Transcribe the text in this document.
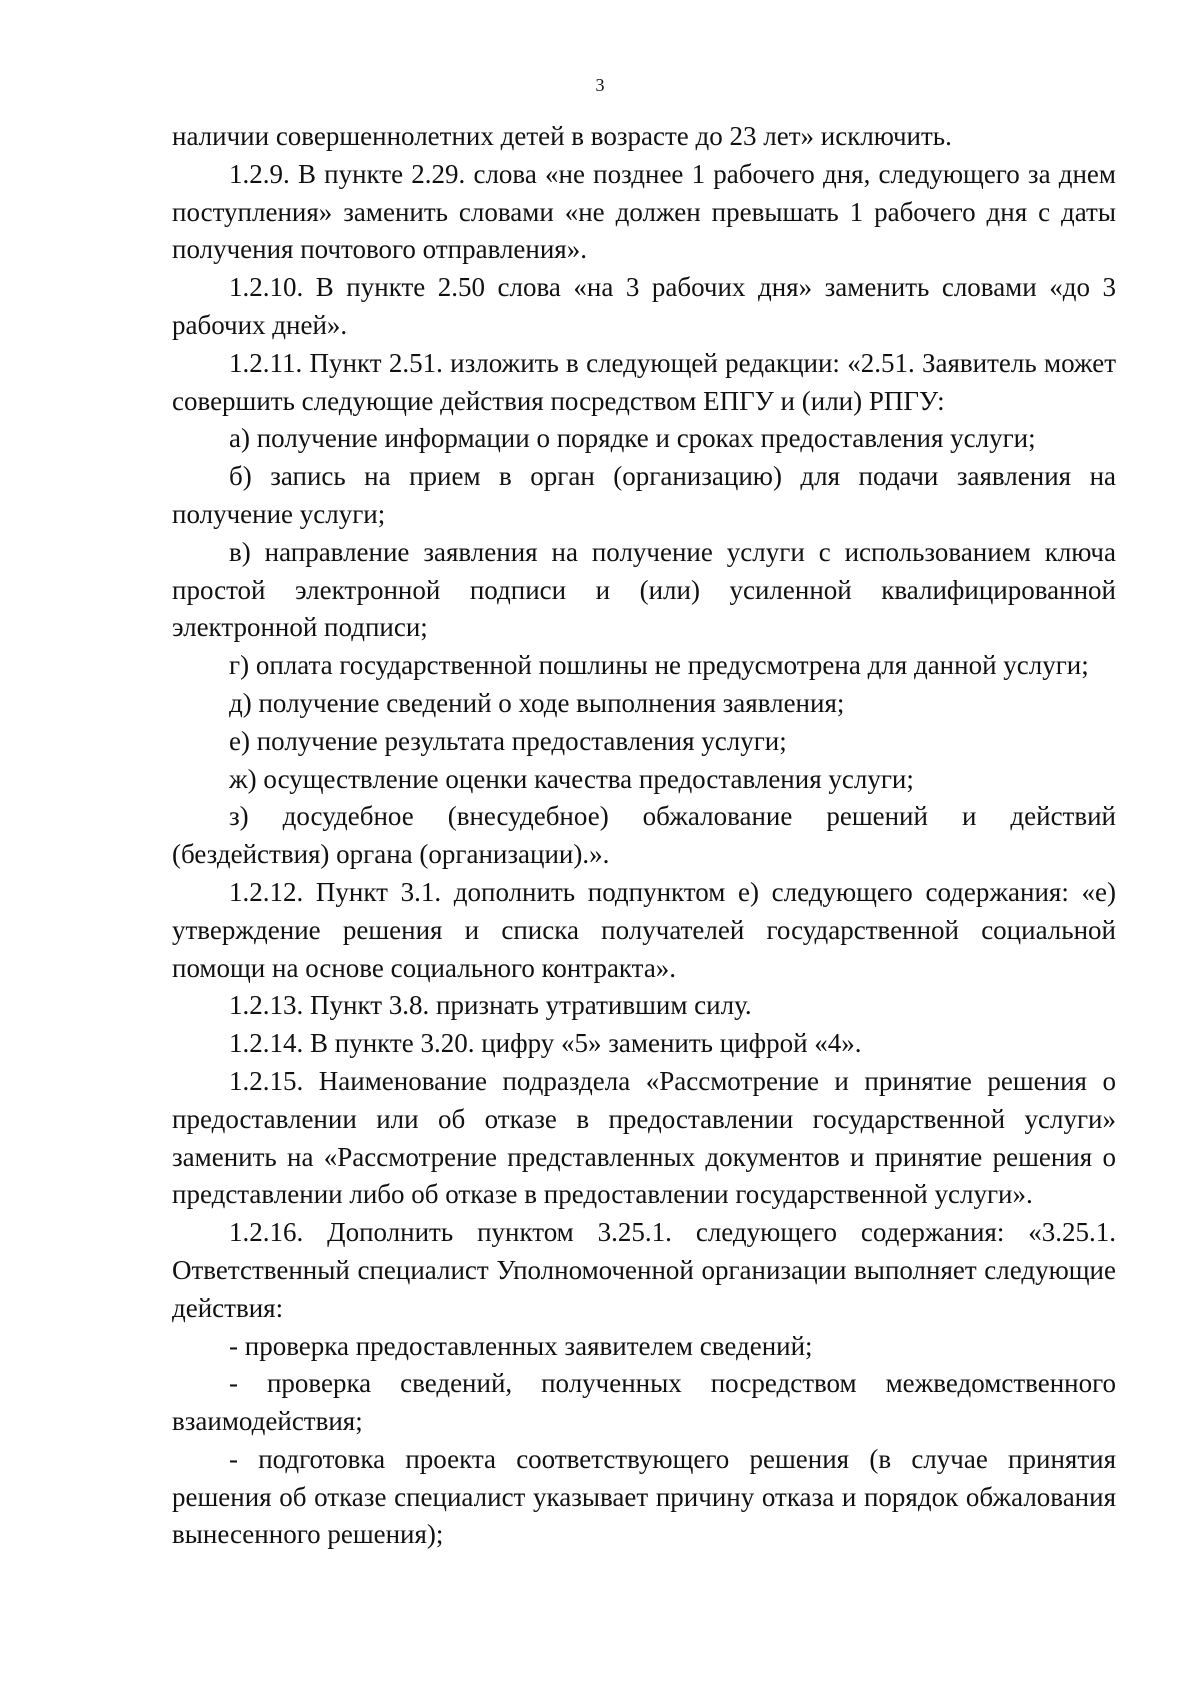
3

наличии совершеннолетних детей в возрасте до 23 лет» исключить.

1.2.9. В пункте 2.29. слова «не позднее 1 рабочего дня, следующего за днем поступления» заменить словами «не должен превышать 1 рабочего дня с даты получения почтового отправления».

1.2.10. В пункте 2.50 слова «на 3 рабочих дня» заменить словами «до 3 рабочих дней».

1.2.11. Пункт 2.51. изложить в следующей редакции: «2.51. Заявитель может совершить следующие действия посредством ЕПГУ и (или) РПГУ:

а) получение информации о порядке и сроках предоставления услуги;

б) запись на прием в орган (организацию) для подачи заявления на получение услуги;

в) направление заявления на получение услуги с использованием ключа простой электронной подписи и (или) усиленной квалифицированной электронной подписи;

г) оплата государственной пошлины не предусмотрена для данной услуги;

д) получение сведений о ходе выполнения заявления;

е) получение результата предоставления услуги;

ж) осуществление оценки качества предоставления услуги;

з) досудебное (внесудебное) обжалование решений и действий (бездействия) органа (организации).».

1.2.12. Пункт 3.1. дополнить подпунктом е) следующего содержания: «е) утверждение решения и списка получателей государственной социальной помощи на основе социального контракта».

1.2.13. Пункт 3.8. признать утратившим силу.

1.2.14. В пункте 3.20. цифру «5» заменить цифрой «4».

1.2.15. Наименование подраздела «Рассмотрение и принятие решения о предоставлении или об отказе в предоставлении государственной услуги» заменить на «Рассмотрение представленных документов и принятие решения о представлении либо об отказе в предоставлении государственной услуги».

1.2.16. Дополнить пунктом 3.25.1. следующего содержания: «3.25.1. Ответственный специалист Уполномоченной организации выполняет следующие действия:

- проверка предоставленных заявителем сведений;

- проверка сведений, полученных посредством межведомственного взаимодействия;

- подготовка проекта соответствующего решения (в случае принятия решения об отказе специалист указывает причину отказа и порядок обжалования вынесенного решения);
